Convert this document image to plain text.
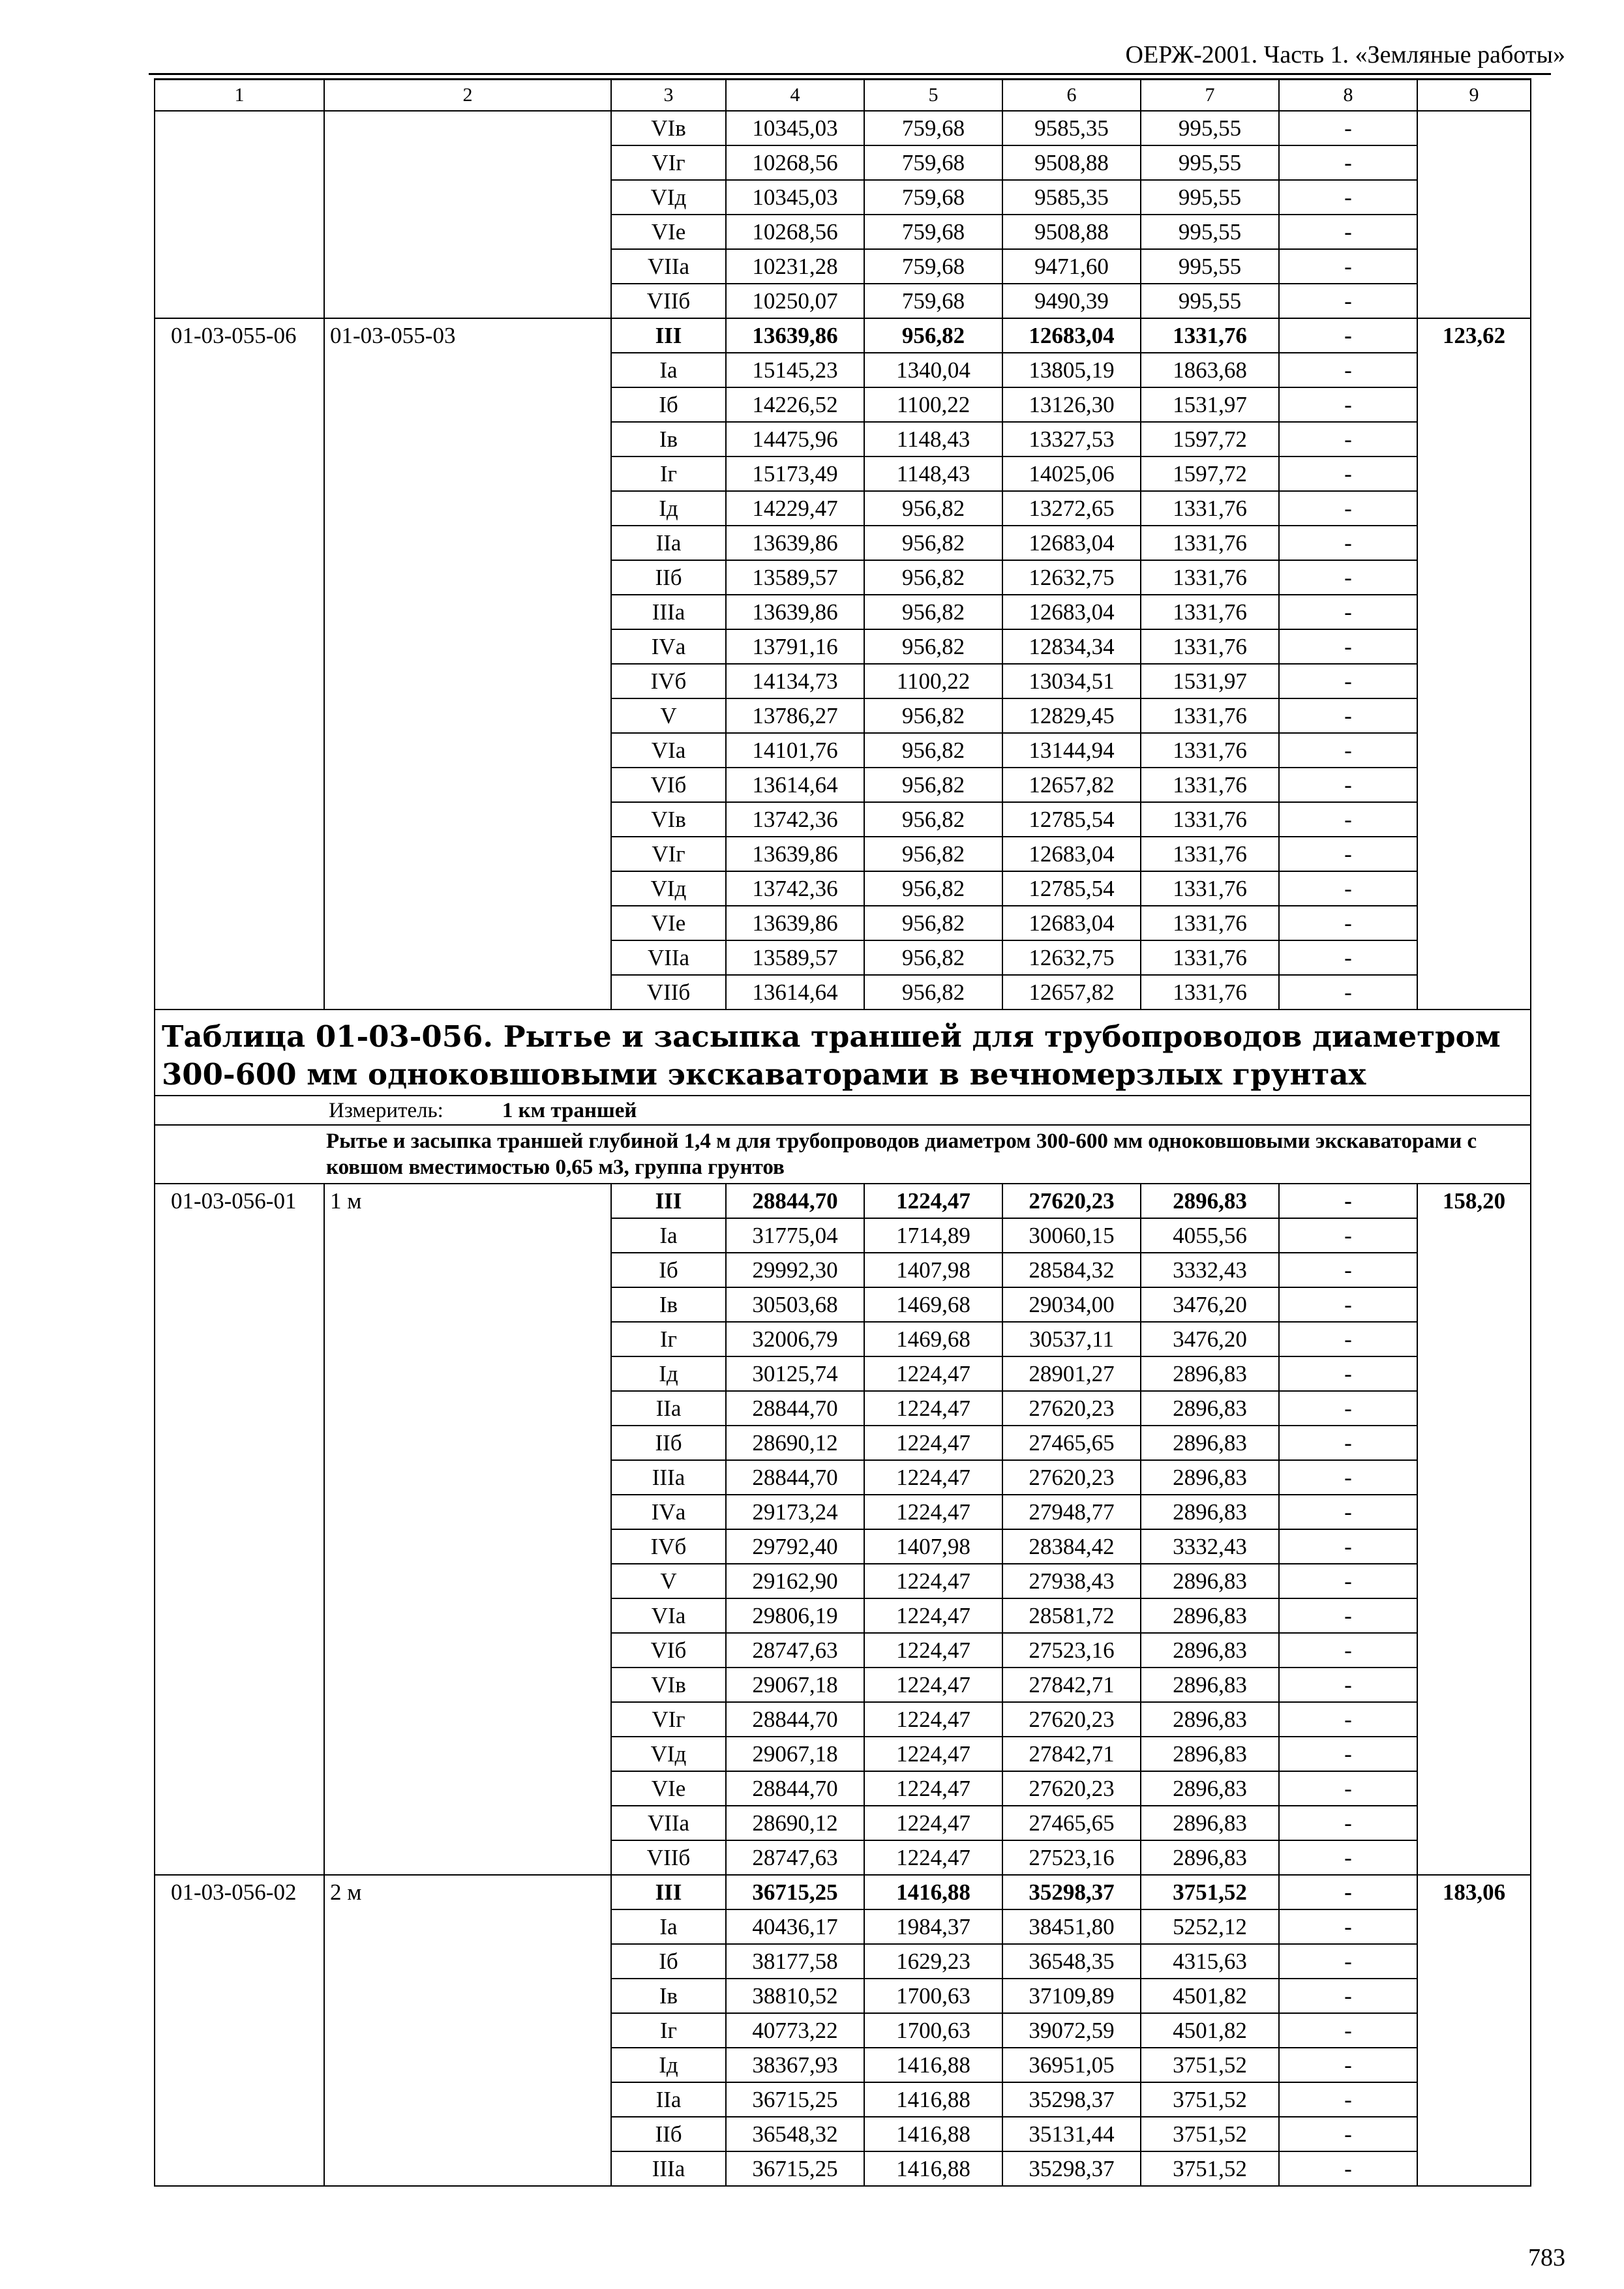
ОЕРЖ-2001. Часть 1. «Земляные работы»
1	2	3	4	5	6	7	8	9
		VIв	10345,03	759,68	9585,35	995,55	-	
		VIг	10268,56	759,68	9508,88	995,55	-	
		VIд	10345,03	759,68	9585,35	995,55	-	
		VIе	10268,56	759,68	9508,88	995,55	-	
		VIIа	10231,28	759,68	9471,60	995,55	-	
		VIIб	10250,07	759,68	9490,39	995,55	-	
01-03-055-06	01-03-055-03	III	13639,86	956,82	12683,04	1331,76	-	123,62
		Iа	15145,23	1340,04	13805,19	1863,68	-	
		Iб	14226,52	1100,22	13126,30	1531,97	-	
		Iв	14475,96	1148,43	13327,53	1597,72	-	
		Iг	15173,49	1148,43	14025,06	1597,72	-	
		Iд	14229,47	956,82	13272,65	1331,76	-	
		IIа	13639,86	956,82	12683,04	1331,76	-	
		IIб	13589,57	956,82	12632,75	1331,76	-	
		IIIа	13639,86	956,82	12683,04	1331,76	-	
		IVа	13791,16	956,82	12834,34	1331,76	-	
		IVб	14134,73	1100,22	13034,51	1531,97	-	
		V	13786,27	956,82	12829,45	1331,76	-	
		VIа	14101,76	956,82	13144,94	1331,76	-	
		VIб	13614,64	956,82	12657,82	1331,76	-	
		VIв	13742,36	956,82	12785,54	1331,76	-	
		VIг	13639,86	956,82	12683,04	1331,76	-	
		VIд	13742,36	956,82	12785,54	1331,76	-	
		VIе	13639,86	956,82	12683,04	1331,76	-	
		VIIа	13589,57	956,82	12632,75	1331,76	-	
		VIIб	13614,64	956,82	12657,82	1331,76	-	
Таблица 01-03-056. Рытье и засыпка траншей для трубопроводов диаметром 300-600 мм одноковшовыми экскаваторами в вечномерзлых грунтах								
Измеритель: 1 км траншей								
Рытье и засыпка траншей глубиной 1,4 м для трубопроводов диаметром 300-600 мм одноковшовыми экскаваторами с ковшом вместимостью 0,65 м3, группа грунтов								
01-03-056-01	1 м	III	28844,70	1224,47	27620,23	2896,83	-	158,20
		Iа	31775,04	1714,89	30060,15	4055,56	-	
		Iб	29992,30	1407,98	28584,32	3332,43	-	
		Iв	30503,68	1469,68	29034,00	3476,20	-	
		Iг	32006,79	1469,68	30537,11	3476,20	-	
		Iд	30125,74	1224,47	28901,27	2896,83	-	
		IIа	28844,70	1224,47	27620,23	2896,83	-	
		IIб	28690,12	1224,47	27465,65	2896,83	-	
		IIIа	28844,70	1224,47	27620,23	2896,83	-	
		IVа	29173,24	1224,47	27948,77	2896,83	-	
		IVб	29792,40	1407,98	28384,42	3332,43	-	
		V	29162,90	1224,47	27938,43	2896,83	-	
		VIа	29806,19	1224,47	28581,72	2896,83	-	
		VIб	28747,63	1224,47	27523,16	2896,83	-	
		VIв	29067,18	1224,47	27842,71	2896,83	-	
		VIг	28844,70	1224,47	27620,23	2896,83	-	
		VIд	29067,18	1224,47	27842,71	2896,83	-	
		VIе	28844,70	1224,47	27620,23	2896,83	-	
		VIIа	28690,12	1224,47	27465,65	2896,83	-	
		VIIб	28747,63	1224,47	27523,16	2896,83	-	
01-03-056-02	2 м	III	36715,25	1416,88	35298,37	3751,52	-	183,06
		Iа	40436,17	1984,37	38451,80	5252,12	-	
		Iб	38177,58	1629,23	36548,35	4315,63	-	
		Iв	38810,52	1700,63	37109,89	4501,82	-	
		Iг	40773,22	1700,63	39072,59	4501,82	-	
		Iд	38367,93	1416,88	36951,05	3751,52	-	
		IIа	36715,25	1416,88	35298,37	3751,52	-	
		IIб	36548,32	1416,88	35131,44	3751,52	-	
		IIIа	36715,25	1416,88	35298,37	3751,52	-	
783
